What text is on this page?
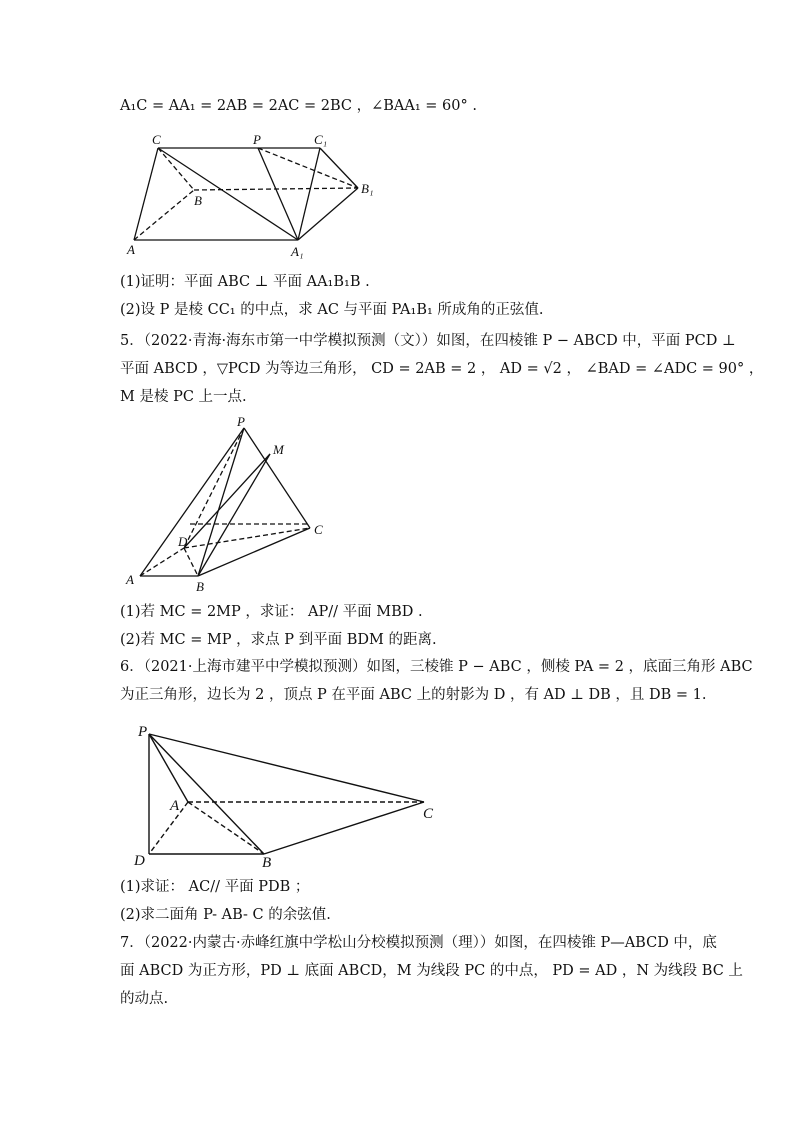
A₁C = AA₁ = 2AB = 2AC = 2BC ，∠BAA₁ = 60° .
C	P	C₁
B
B₁
A	A₁
(1)证明：平面 ABC ⊥ 平面 AA₁B₁B .
(2)设 P 是棱 CC₁ 的中点，求 AC 与平面 PA₁B₁ 所成角的正弦值.
5．（2022·青海·海东市第一中学模拟预测（文））如图，在四棱锥 P − ABCD 中，平面 PCD ⊥
平面 ABCD ，▽PCD 为等边三角形， CD = 2AB = 2 ， AD = √2 ， ∠BAD = ∠ADC = 90° ，
M 是棱 PC 上一点.
P
M
D
C
A	B
(1)若 MC = 2MP ，求证： AP// 平面 MBD .
(2)若 MC = MP ，求点 P 到平面 BDM 的距离.
6．（2021·上海市建平中学模拟预测）如图，三棱锥 P − ABC ，侧棱 PA = 2 ，底面三角形 ABC
为正三角形，边长为 2 ，顶点 P 在平面 ABC 上的射影为 D ，有 AD ⊥ DB ，且 DB = 1.
P
A	C
D	B
(1)求证： AC// 平面 PDB ；
(2)求二面角 P- AB- C 的余弦值.
7．（2022·内蒙古·赤峰红旗中学松山分校模拟预测（理））如图，在四棱锥 P—ABCD 中，底
面 ABCD 为正方形，PD ⊥ 底面 ABCD，M 为线段 PC 的中点， PD = AD ，N 为线段 BC 上
的动点.
